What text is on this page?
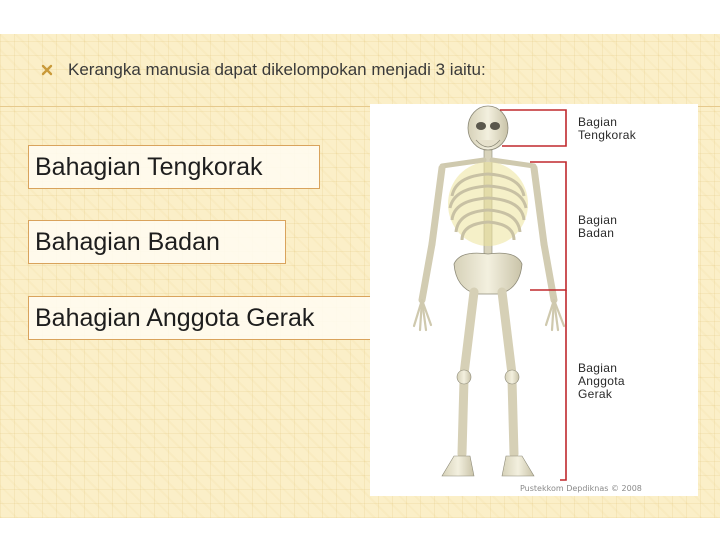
Kerangka manusia dapat dikelompokan menjadi 3 iaitu:
Bahagian Tengkorak
Bahagian Badan
Bahagian Anggota Gerak
Bagian
Tengkorak
Bagian
Badan
Bagian
Anggota
Gerak
Pustekkom Depdiknas © 2008
